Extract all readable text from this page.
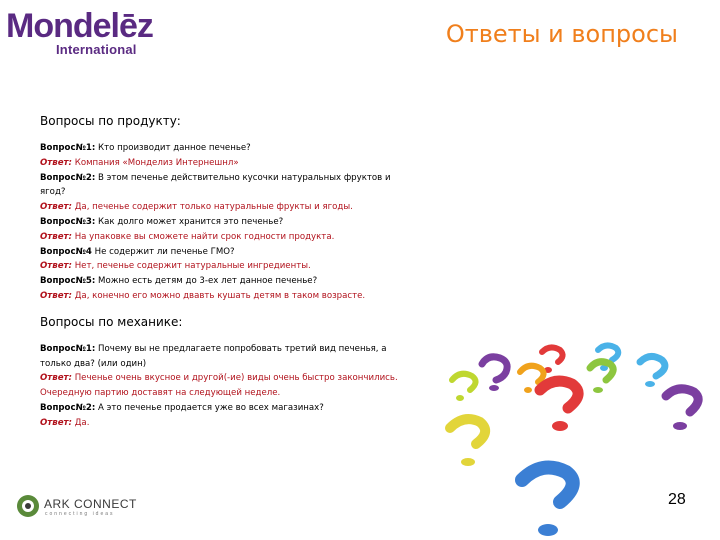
Mondelēz
International
Ответы и вопросы
Вопросы по продукту:
Вопрос№1: Кто производит данное печенье?
Ответ: Компания «Монделиз Интернешнл»
Вопрос№2: В этом печенье действительно кусочки натуральных фруктов и
ягод?
Ответ: Да, печенье содержит только натуральные фрукты и ягоды.
Вопрос№3: Как долго может хранится это печенье?
Ответ: На упаковке вы сможете найти срок годности продукта.
Вопрос№4 Не содержит ли печенье ГМО?
Ответ: Нет, печенье содержит натуральные ингредиенты.
Вопрос№5: Можно есть детям до 3-ех лет данное печенье?
Ответ: Да, конечно его можно двавть кушать детям в таком возрасте.
Вопросы по механике:
Вопрос№1: Почему вы не предлагаете попробовать третий вид печенья, а
только два? (или один)
Ответ: Печенье очень вкусное и другой(-ие) виды очень быстро закончились.
Очередную партию доставят на следующей неделе.
Вопрос№2: А это печенье продается уже во всех магазинах?
Ответ: Да.
ARK CONNECT
connecting ideas
28
